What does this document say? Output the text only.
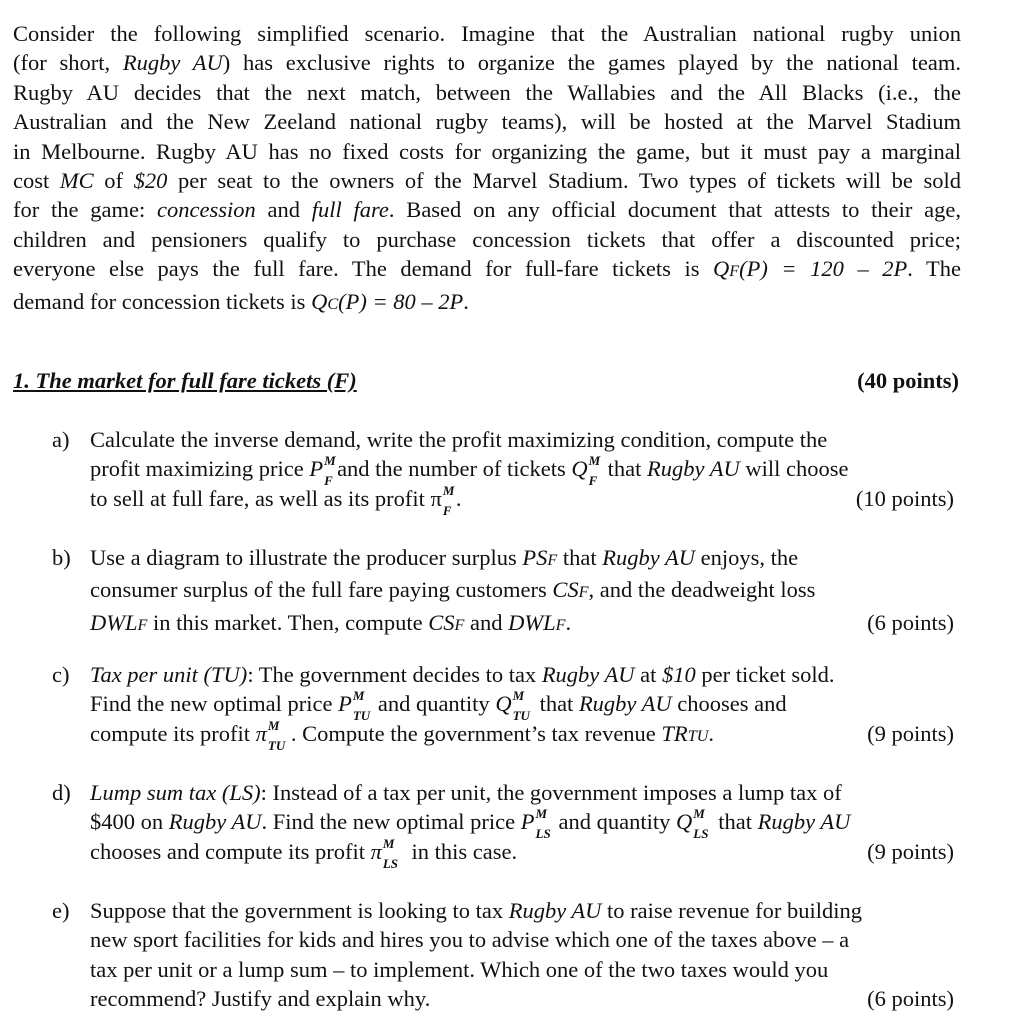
Consider the following simplified scenario. Imagine that the Australian national rugby union
(for short, Rugby AU) has exclusive rights to organize the games played by the national team.
Rugby AU decides that the next match, between the Wallabies and the All Blacks (i.e., the
Australian and the New Zeeland national rugby teams), will be hosted at the Marvel Stadium
in Melbourne. Rugby AU has no fixed costs for organizing the game, but it must pay a marginal
cost MC of $20 per seat to the owners of the Marvel Stadium. Two types of tickets will be sold
for the game: concession and full fare. Based on any official document that attests to their age,
children and pensioners qualify to purchase concession tickets that offer a discounted price;
everyone else pays the full fare. The demand for full-fare tickets is QF(P) = 120 – 2P. The
demand for concession tickets is QC(P) = 80 – 2P.
1. The market for full fare tickets (F)	(40 points)
a) Calculate the inverse demand, write the profit maximizing condition, compute the
profit maximizing price P M
F and the number of tickets Q M
F that Rugby AU will choose
to sell at full fare, as well as its profit π M
F .	(10 points)
b) Use a diagram to illustrate the producer surplus PSF that Rugby AU enjoys, the
consumer surplus of the full fare paying customers CSF, and the deadweight loss
DWLF in this market. Then, compute CSF and DWLF.	(6 points)
c) Tax per unit (TU): The government decides to tax Rugby AU at $10 per ticket sold.
Find the new optimal price P M
TU and quantity Q M
TU that Rugby AU chooses and
compute its profit π M
TU . Compute the government’s tax revenue TRTU.	(9 points)
d) Lump sum tax (LS): Instead of a tax per unit, the government imposes a lump tax of
$400 on Rugby AU. Find the new optimal price P M
LS and quantity Q M
LS that Rugby AU
chooses and compute its profit π M
LS in this case.	(9 points)
e) Suppose that the government is looking to tax Rugby AU to raise revenue for building
new sport facilities for kids and hires you to advise which one of the taxes above – a
tax per unit or a lump sum – to implement. Which one of the two taxes would you
recommend? Justify and explain why.	(6 points)
